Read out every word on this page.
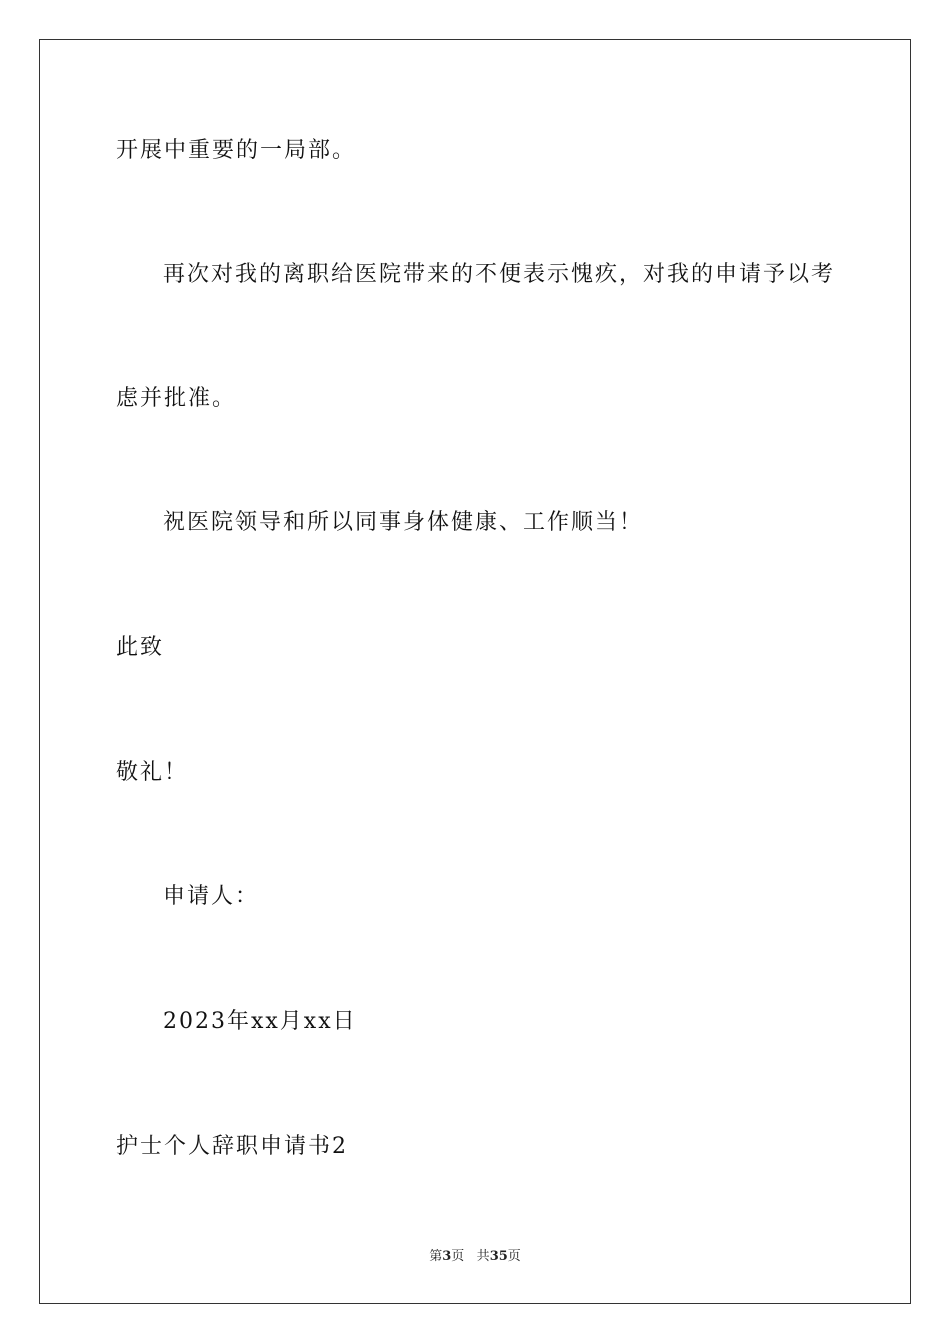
开展中重要的一局部。
再次对我的离职给医院带来的不便表示愧疚，对我的申请予以考
虑并批准。
祝医院领导和所以同事身体健康、工作顺当！
此致
敬礼！
申请人：
2023年xx月xx日
护士个人辞职申请书2
第3页 共35页
